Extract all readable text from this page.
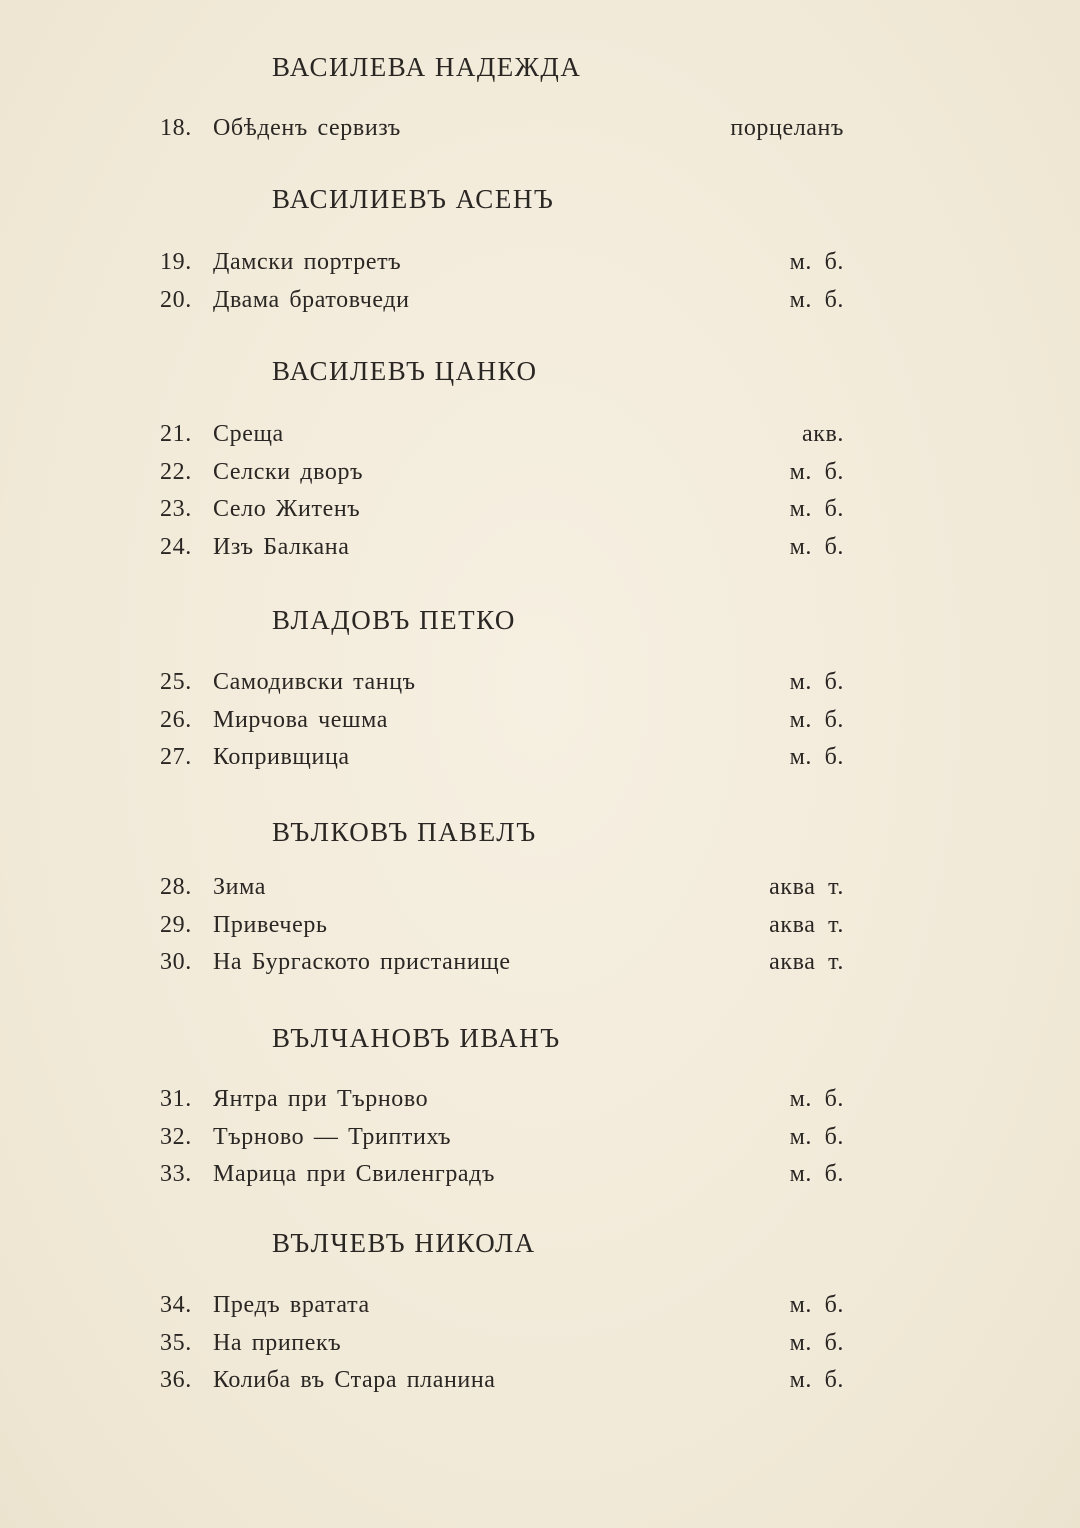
ВАСИЛЕВА НАДЕЖДА
18. Обѣденъ сервизъ	порцеланъ
ВАСИЛИЕВЪ АСЕНЪ
19. Дамски портретъ	м. б.
20. Двама братовчеди	м. б.
ВАСИЛЕВЪ ЦАНКО
21. Среща	акв.
22. Селски дворъ	м. б.
23. Село Житенъ	м. б.
24. Изъ Балкана	м. б.
ВЛАДОВЪ ПЕТКО
25. Самодивски танцъ	м. б.
26. Мирчова чешма	м. б.
27. Копривщица	м. б.
ВЪЛКОВЪ ПАВЕЛЪ
28. Зима	аква т.
29. Привечерь	аква т.
30. На Бургаското пристанище	аква т.
ВЪЛЧАНОВЪ ИВАНЪ
31. Янтра при Търново	м. б.
32. Търново — Триптихъ	м. б.
33. Марица при Свиленградъ	м. б.
ВЪЛЧЕВЪ НИКОЛА
34. Предъ вратата	м. б.
35. На припекъ	м. б.
36. Колиба въ Стара планина	м. б.
